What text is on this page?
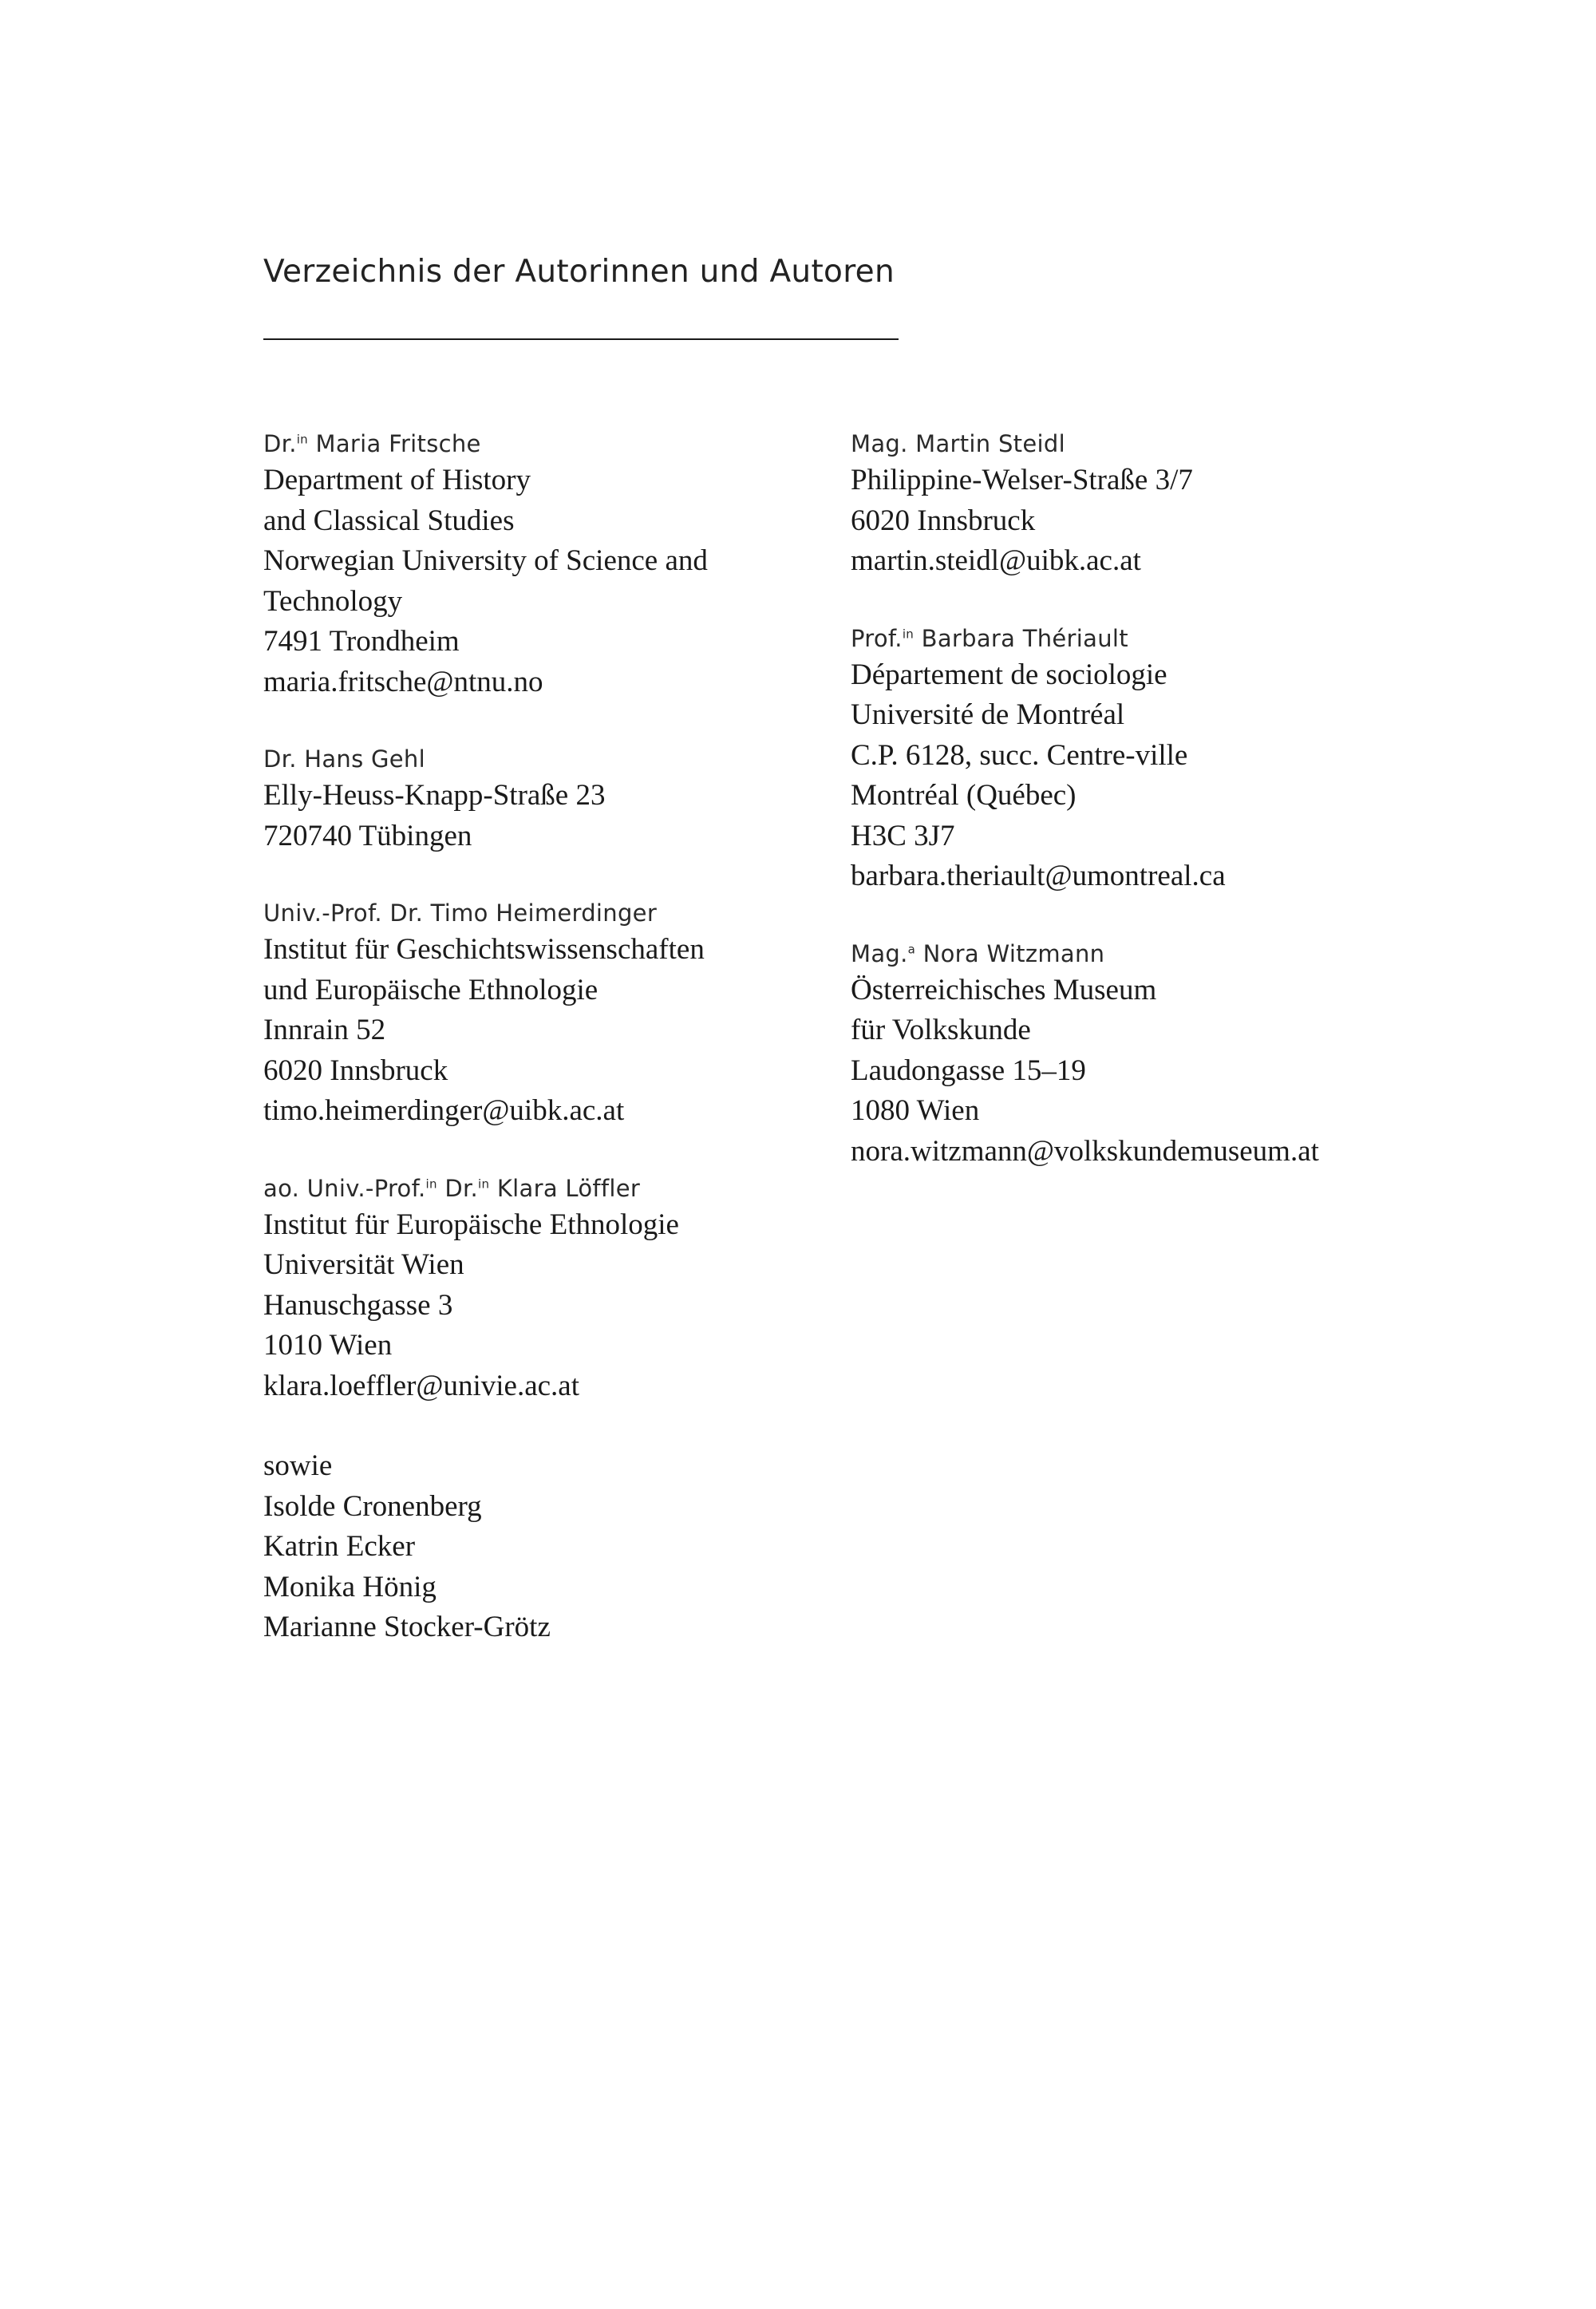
Verzeichnis der Autorinnen und Autoren
Dr.$^{in}$ Maria Fritsche
Department of History
and Classical Studies
Norwegian University of Science and
Technology
7491 Trondheim
maria.fritsche@ntnu.no
Dr. Hans Gehl
Elly-Heuss-Knapp-Straße 23
720740 Tübingen
Univ.-Prof. Dr. Timo Heimerdinger
Institut für Geschichtswissenschaften
und Europäische Ethnologie
Innrain 52
6020 Innsbruck
timo.heimerdinger@uibk.ac.at
ao. Univ.-Prof.$^{in}$ Dr.$^{in}$ Klara Löffler
Institut für Europäische Ethnologie
Universität Wien
Hanuschgasse 3
1010 Wien
klara.loeffler@univie.ac.at
sowie
Isolde Cronenberg
Katrin Ecker
Monika Hönig
Marianne Stocker-Grötz
Mag. Martin Steidl
Philippine-Welser-Straße 3/7
6020 Innsbruck
martin.steidl@uibk.ac.at
Prof.$^{in}$ Barbara Thériault
Département de sociologie
Université de Montréal
C.P. 6128, succ. Centre-ville
Montréal (Québec)
H3C 3J7
barbara.theriault@umontreal.ca
Mag.$^a$ Nora Witzmann
Österreichisches Museum
für Volkskunde
Laudongasse 15–19
1080 Wien
nora.witzmann@volkskundemuseum.at
